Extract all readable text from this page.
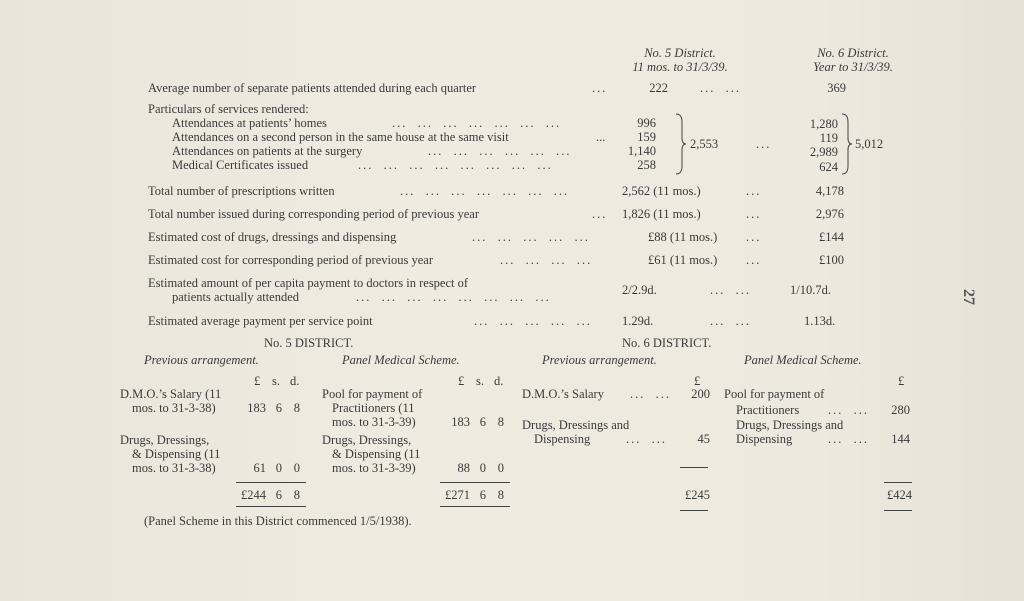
No. 5 District.
11 mos. to 31/3/39.
No. 6 District.
Year to 31/3/39.
Average number of separate patients attended during each quarter	...	222	...  ...	369
Particulars of services rendered:
Attendances at patients’ homes	...  ...  ...  ...  ...  ...  ...	996	1,280
Attendances on a second person in the same house at the same visit	...	159	119
Attendances on patients at the surgery	...  ...  ...  ...  ...  ...	1,140	2,989
Medical Certificates issued	...  ...  ...  ...  ...  ...  ...  ...	258	624
2,553	...	5,012
Total number of prescriptions written	...  ...  ...  ...  ...  ...  ...	2,562 (11 mos.)	...	4,178
Total number issued during corresponding period of previous year	... 1,826 (11 mos.)	...	2,976
Estimated cost of drugs, dressings and dispensing	...  ...  ...  ...  ...	£88 (11 mos.) ...	£144
Estimated cost for corresponding period of previous year	...  ...  ...  ...	£61 (11 mos.) ...	£100
Estimated amount of per capita payment to doctors in respect of
patients actually attended	...  ...  ...  ...  ...  ...  ...  ...	2/2.9d.	...  ...	1/10.7d.
Estimated average payment per service point	...  ...  ...  ...  ... 1.29d.	...  ...	1.13d.
No. 5 DISTRICT.
Previous arrangement.	Panel Medical Scheme.
£ s. d.	£ s. d.
D.M.O.’s Salary (11
mos. to 31-3-38)	183 6 8
Drugs, Dressings,
& Dispensing (11
mos. to 31-3-38)	61 0 0
£244 6 8
Pool for payment of
Practitioners (11
mos. to 31-3-39)	183 6 8
Drugs, Dressings,
& Dispensing (11
mos. to 31-3-39)	88 0 0
£271 6 8
No. 6 DISTRICT.
Previous arrangement.	Panel Medical Scheme.
£	£
D.M.O.’s Salary ...  ...	200
Drugs, Dressings and
Dispensing	...  ...	45
£245
Pool for payment of
Practitioners ...  ...	280
Drugs, Dressings and
Dispensing	...  ...	144
£424
(Panel Scheme in this District commenced 1/5/1938).
27
